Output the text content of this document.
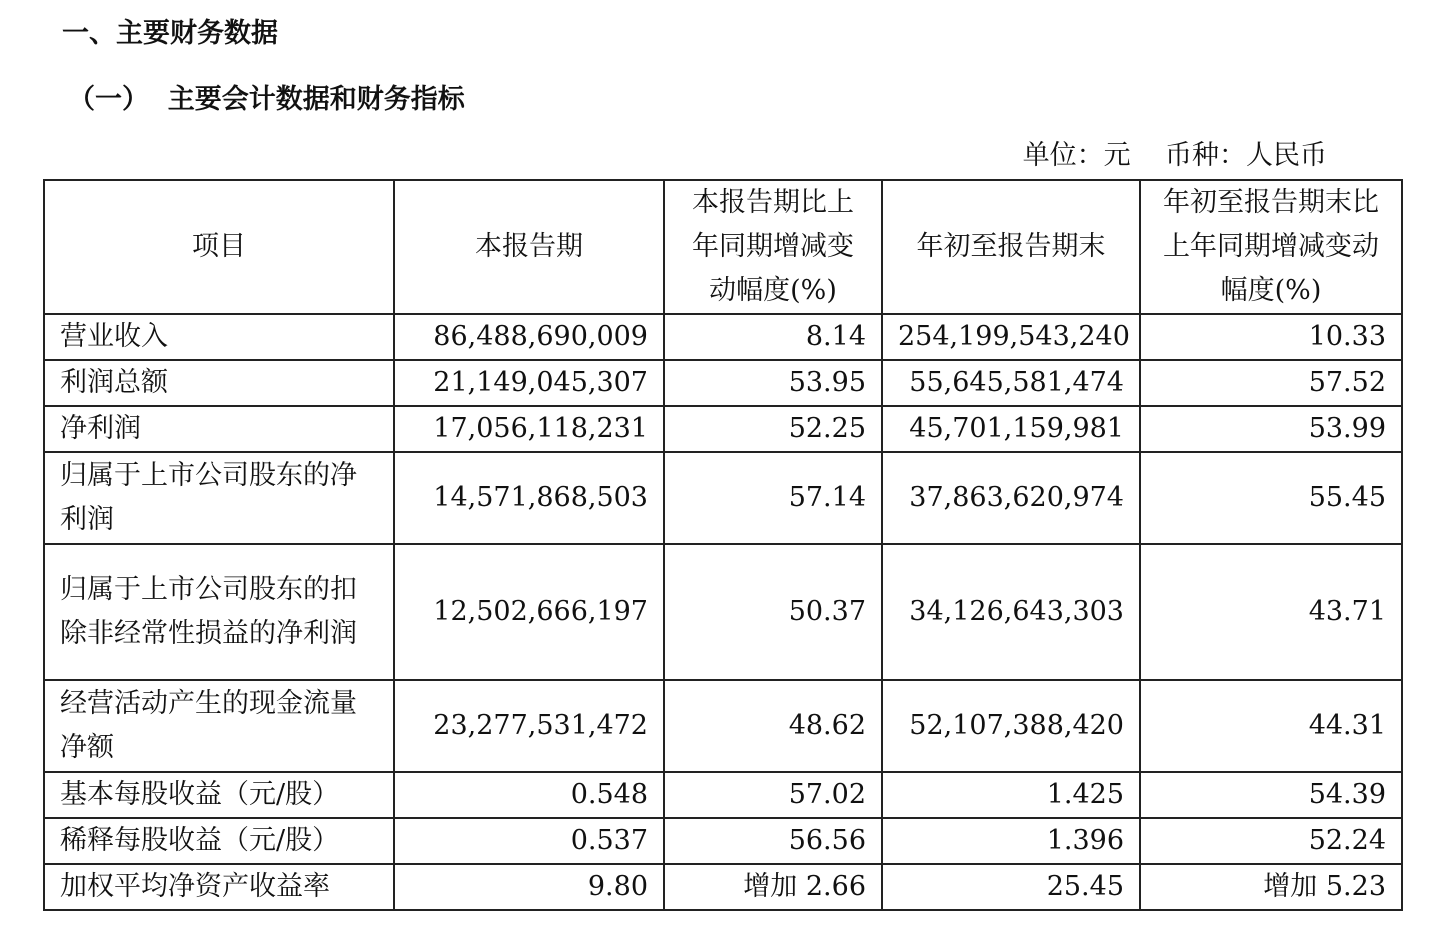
一、主要财务数据
（一）  主要会计数据和财务指标
单位：元    币种：人民币
项目	本报告期	本报告期比上年同期增减变动幅度(%)	年初至报告期末	年初至报告期末比上年同期增减变动幅度(%)
营业收入	86,488,690,009	8.14	254,199,543,240	10.33
利润总额	21,149,045,307	53.95	55,645,581,474	57.52
净利润	17,056,118,231	52.25	45,701,159,981	53.99
归属于上市公司股东的净利润	14,571,868,503	57.14	37,863,620,974	55.45
归属于上市公司股东的扣除非经常性损益的净利润	12,502,666,197	50.37	34,126,643,303	43.71
经营活动产生的现金流量净额	23,277,531,472	48.62	52,107,388,420	44.31
基本每股收益（元/股）	0.548	57.02	1.425	54.39
稀释每股收益（元/股）	0.537	56.56	1.396	52.24
加权平均净资产收益率	9.80	增加 2.66	25.45	增加 5.23
